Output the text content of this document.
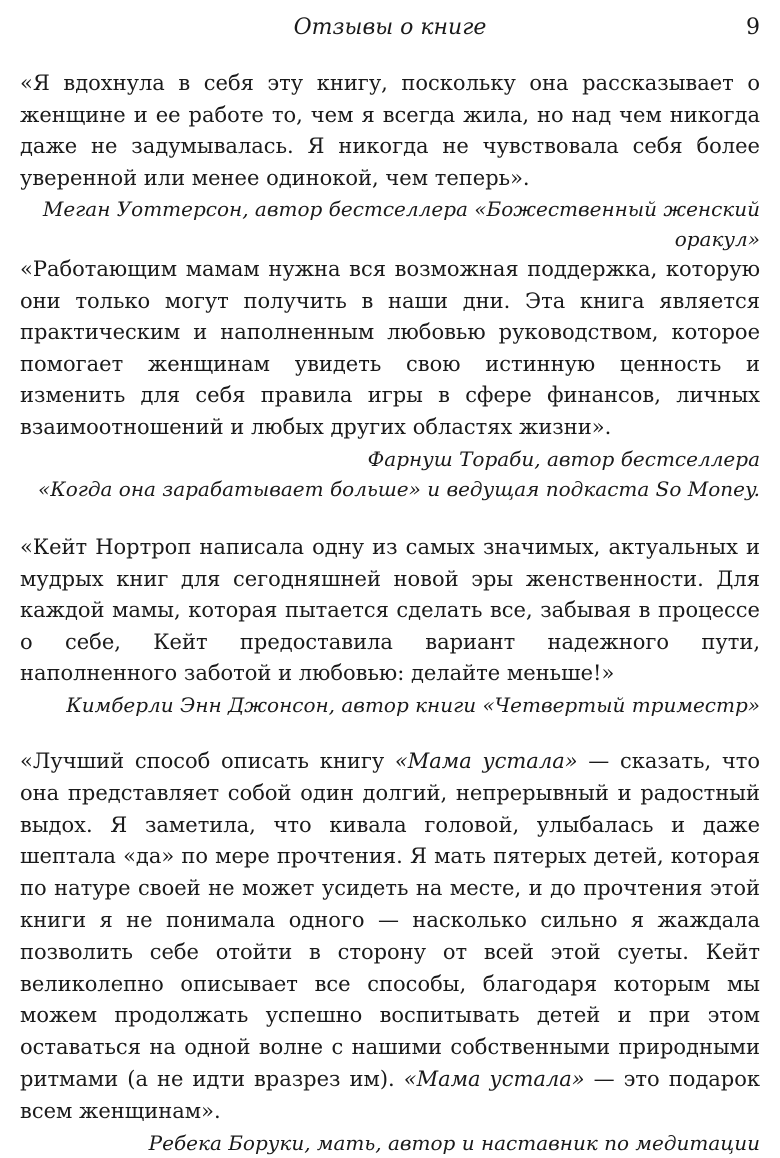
Отзывы о книге	9

«Я вдохнула в себя эту книгу, поскольку она рассказывает о женщине и ее работе то, чем я всегда жила, но над чем никогда даже не задумывалась. Я никогда не чувствовала себя более уверенной или менее одинокой, чем теперь».

Меган Уоттерсон, автор бестселлера «Божественный женский оракул»

«Работающим мамам нужна вся возможная поддержка, которую они только могут получить в наши дни. Эта книга является практическим и наполненным любовью руководством, которое помогает женщинам увидеть свою истинную ценность и изменить для себя правила игры в сфере финансов, личных взаимоотношений и любых других областях жизни».

Фарнуш Тораби, автор бестселлера
«Когда она зарабатывает больше» и ведущая подкаста So Money.

«Кейт Нортроп написала одну из самых значимых, актуальных и мудрых книг для сегодняшней новой эры женственности. Для каждой мамы, которая пытается сделать все, забывая в процессе о себе, Кейт предоставила вариант надежного пути, наполненного заботой и любовью: делайте меньше!»

Кимберли Энн Джонсон, автор книги «Четвертый триместр»

«Лучший способ описать книгу «Мама устала» — сказать, что она представляет собой один долгий, непрерывный и радостный выдох. Я заметила, что кивала головой, улыбалась и даже шептала «да» по мере прочтения. Я мать пятерых детей, которая по натуре своей не может усидеть на месте, и до прочтения этой книги я не понимала одного — насколько сильно я жаждала позволить себе отойти в сторону от всей этой суеты. Кейт великолепно описывает все способы, благодаря которым мы можем продолжать успешно воспитывать детей и при этом оставаться на одной волне с нашими собственными природными ритмами (а не идти вразрез им). «Мама устала» — это подарок всем женщинам».

Ребека Боруки, мать, автор и наставник по медитации
